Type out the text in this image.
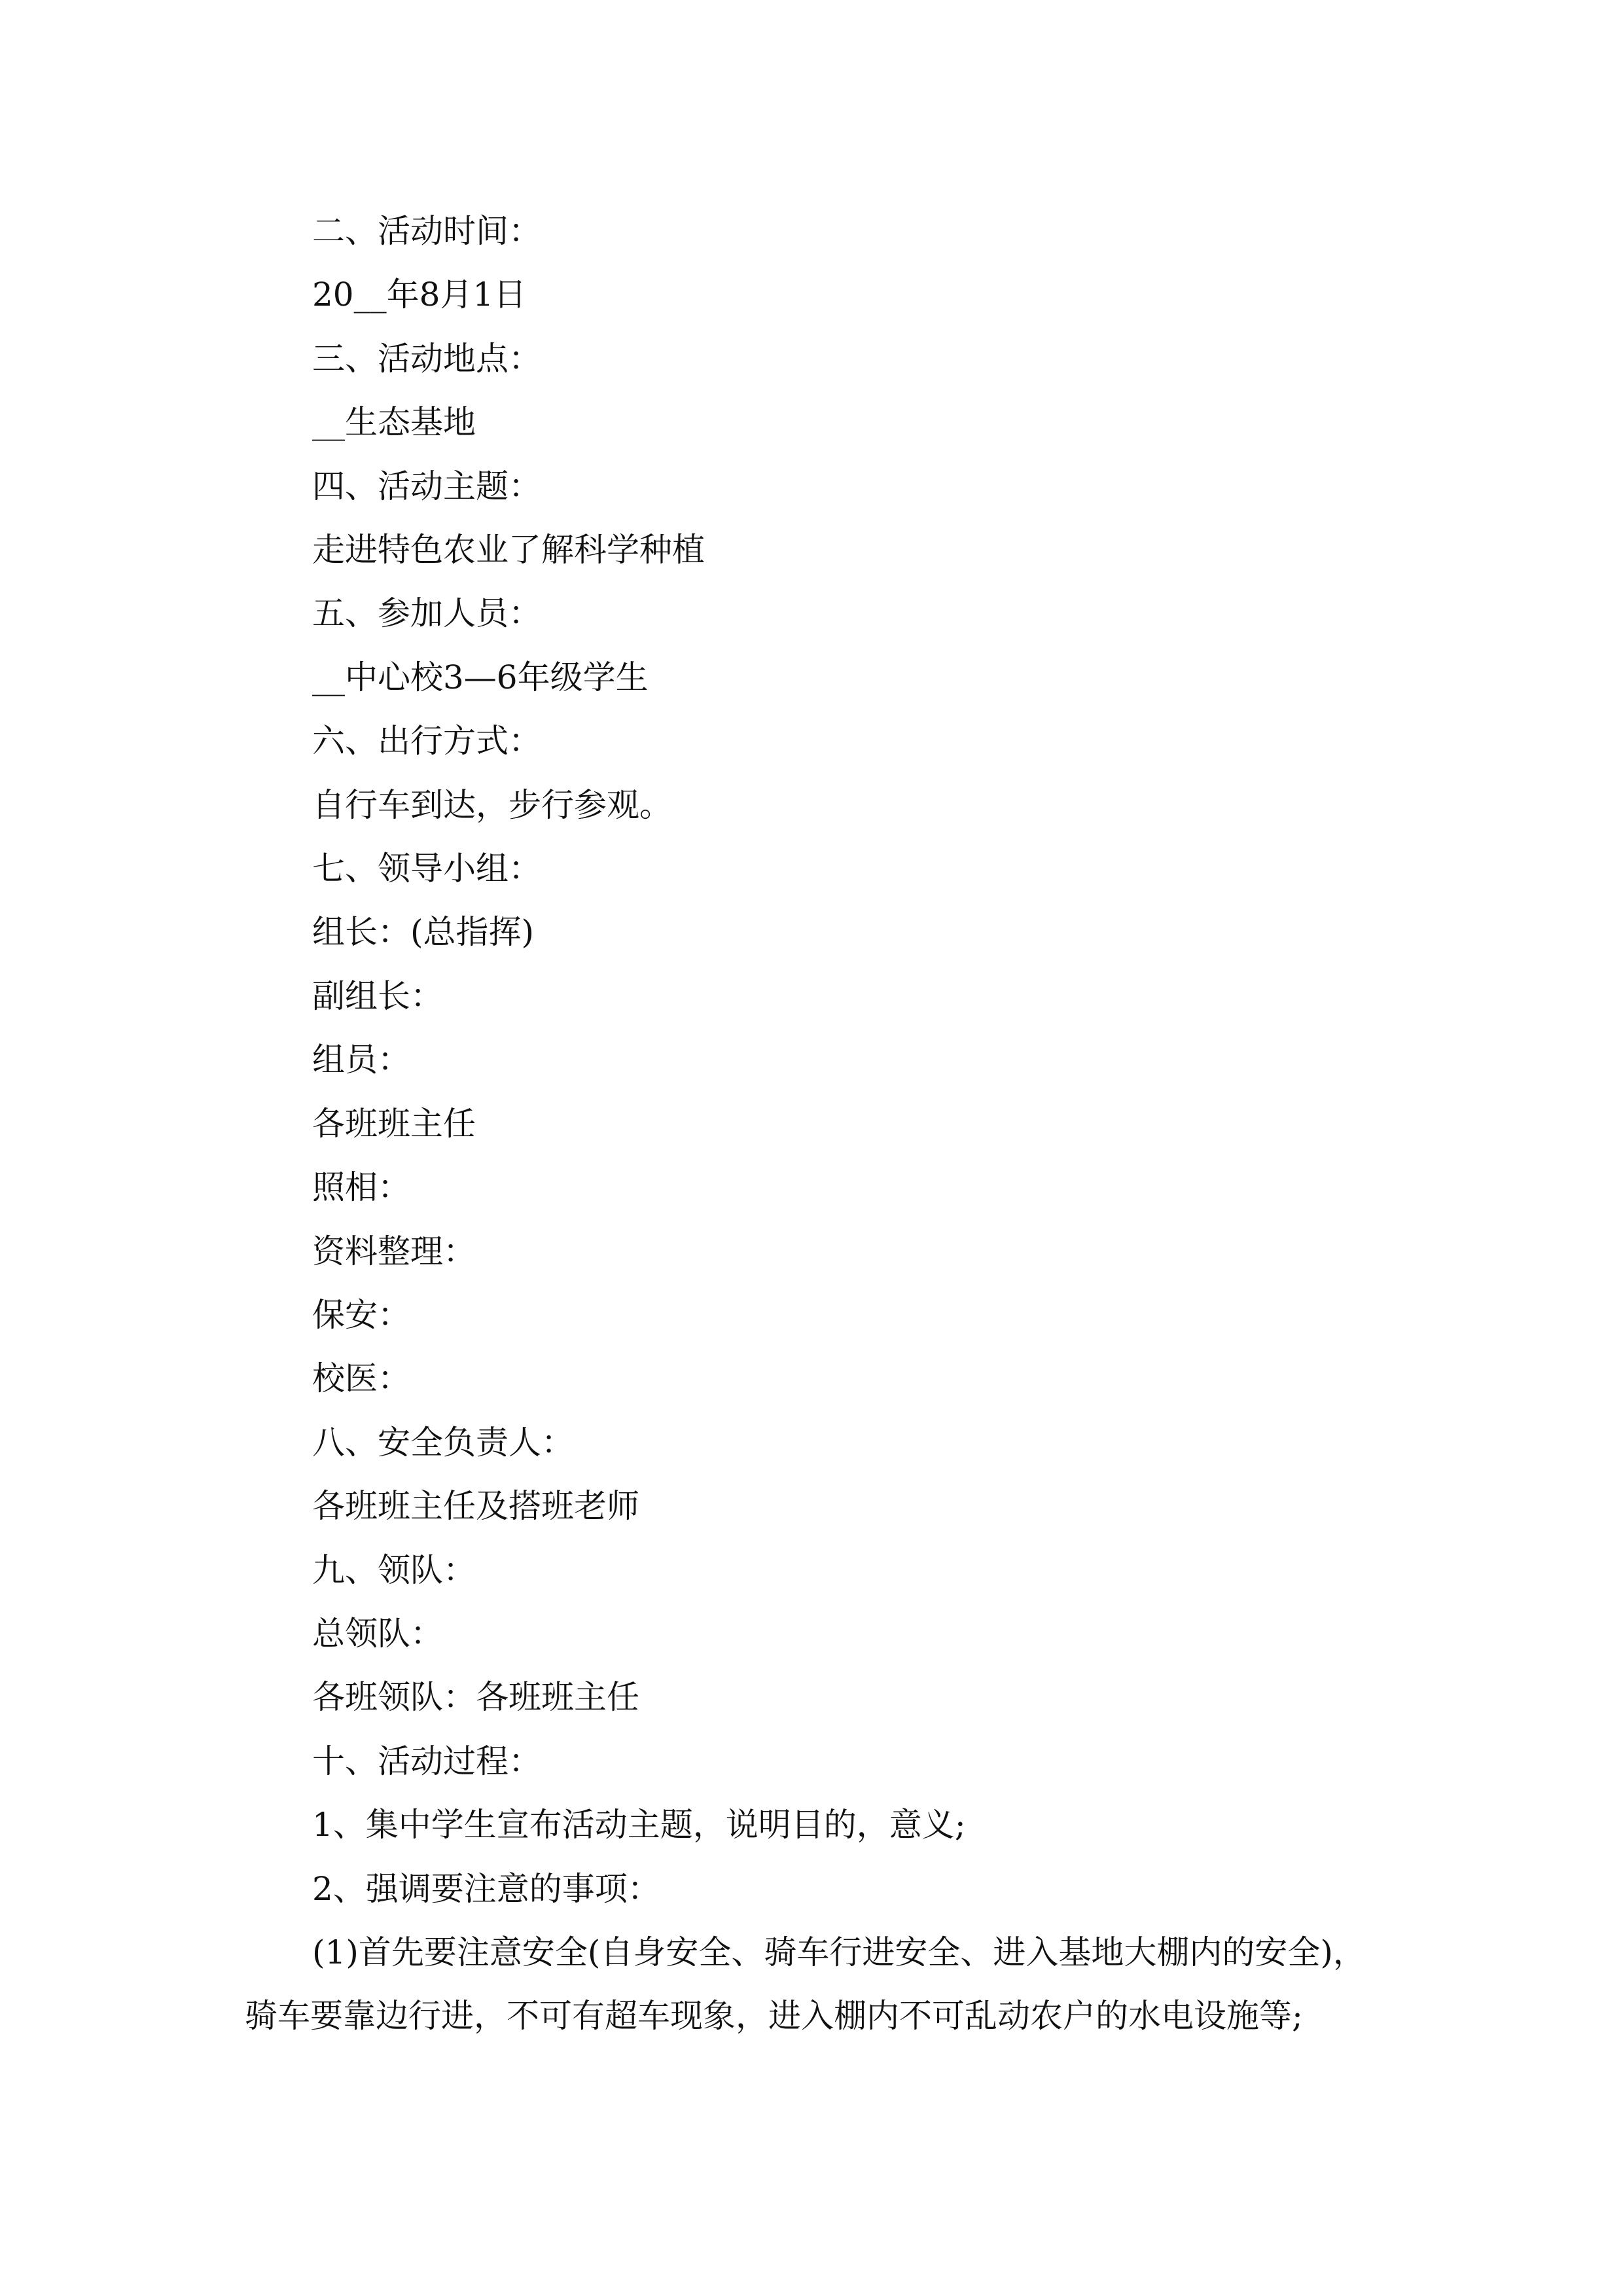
二、活动时间：
20__年8月1日
三、活动地点：
__生态基地
四、活动主题：
走进特色农业了解科学种植
五、参加人员：
__中心校3—6年级学生
六、出行方式：
自行车到达，步行参观。
七、领导小组：
组长：(总指挥)
副组长：
组员：
各班班主任
照相：
资料整理：
保安：
校医：
八、安全负责人：
各班班主任及搭班老师
九、领队：
总领队：
各班领队：各班班主任
十、活动过程：
1、集中学生宣布活动主题，说明目的，意义;
2、强调要注意的事项：
(1)首先要注意安全(自身安全、骑车行进安全、进入基地大棚内的安全)，骑车要靠边行进，不可有超车现象，进入棚内不可乱动农户的水电设施等;
